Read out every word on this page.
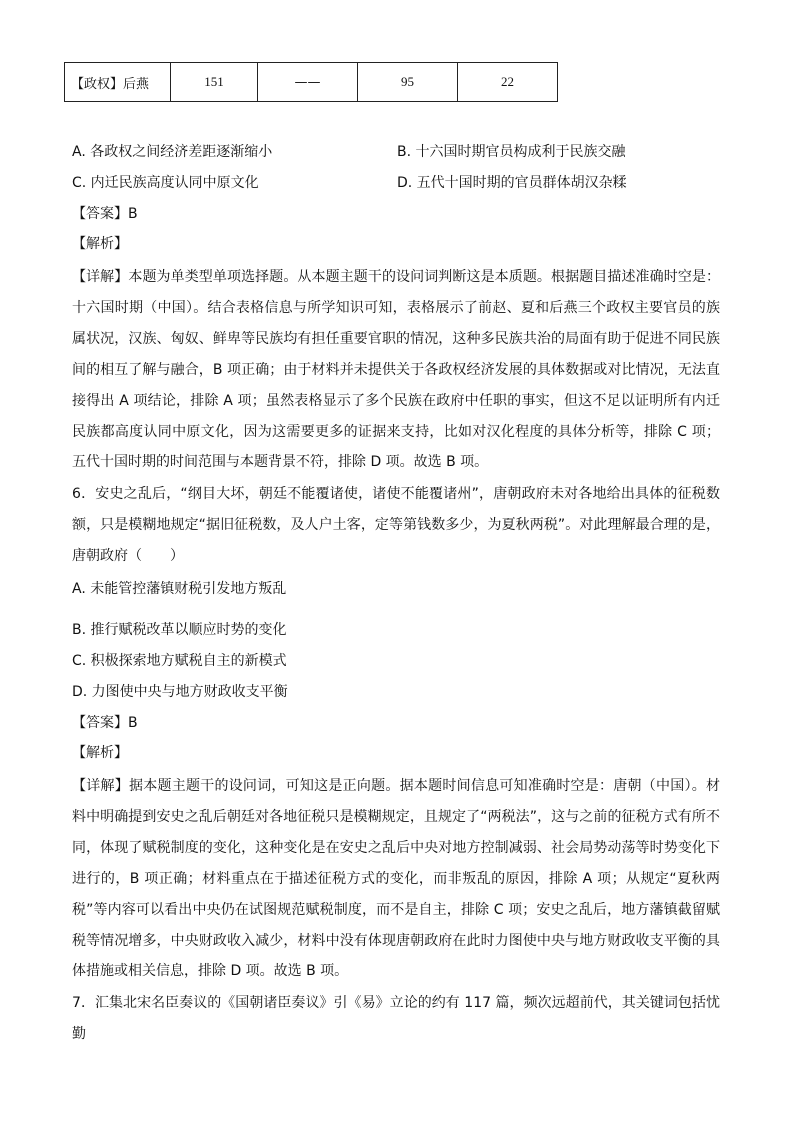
【政权】后燕	151	——	95	22
A. 各政权之间经济差距逐渐缩小	B. 十六国时期官员构成利于民族交融
C. 内迁民族高度认同中原文化	D. 五代十国时期的官员群体胡汉杂糅
【答案】B
【解析】
【详解】本题为单类型单项选择题。从本题主题干的设问词判断这是本质题。根据题目描述准确时空是：十六国时期（中国）。结合表格信息与所学知识可知，表格展示了前赵、夏和后燕三个政权主要官员的族属状况，汉族、匈奴、鲜卑等民族均有担任重要官职的情况，这种多民族共治的局面有助于促进不同民族间的相互了解与融合，B 项正确；由于材料并未提供关于各政权经济发展的具体数据或对比情况，无法直接得出 A 项结论，排除 A 项；虽然表格显示了多个民族在政府中任职的事实，但这不足以证明所有内迁民族都高度认同中原文化，因为这需要更多的证据来支持，比如对汉化程度的具体分析等，排除 C 项；五代十国时期的时间范围与本题背景不符，排除 D 项。故选 B 项。
6．安史之乱后，“纲目大坏，朝廷不能覆诸使，诸使不能覆诸州”，唐朝政府未对各地给出具体的征税数额，只是模糊地规定“据旧征税数，及人户土客，定等第钱数多少，为夏秋两税”。对此理解最合理的是，唐朝政府（　　）
A. 未能管控藩镇财税引发地方叛乱
B. 推行赋税改革以顺应时势的变化
C. 积极探索地方赋税自主的新模式
D. 力图使中央与地方财政收支平衡
【答案】B
【解析】
【详解】据本题主题干的设问词，可知这是正向题。据本题时间信息可知准确时空是：唐朝（中国）。材料中明确提到安史之乱后朝廷对各地征税只是模糊规定，且规定了“两税法”，这与之前的征税方式有所不同，体现了赋税制度的变化，这种变化是在安史之乱后中央对地方控制减弱、社会局势动荡等时势变化下进行的，B 项正确；材料重点在于描述征税方式的变化，而非叛乱的原因，排除 A 项；从规定“夏秋两税”等内容可以看出中央仍在试图规范赋税制度，而不是自主，排除 C 项；安史之乱后，地方藩镇截留赋税等情况增多，中央财政收入减少，材料中没有体现唐朝政府在此时力图使中央与地方财政收支平衡的具体措施或相关信息，排除 D 项。故选 B 项。
7．汇集北宋名臣奏议的《国朝诸臣奏议》引《易》立论的约有 117 篇，频次远超前代，其关键词包括忧勤
